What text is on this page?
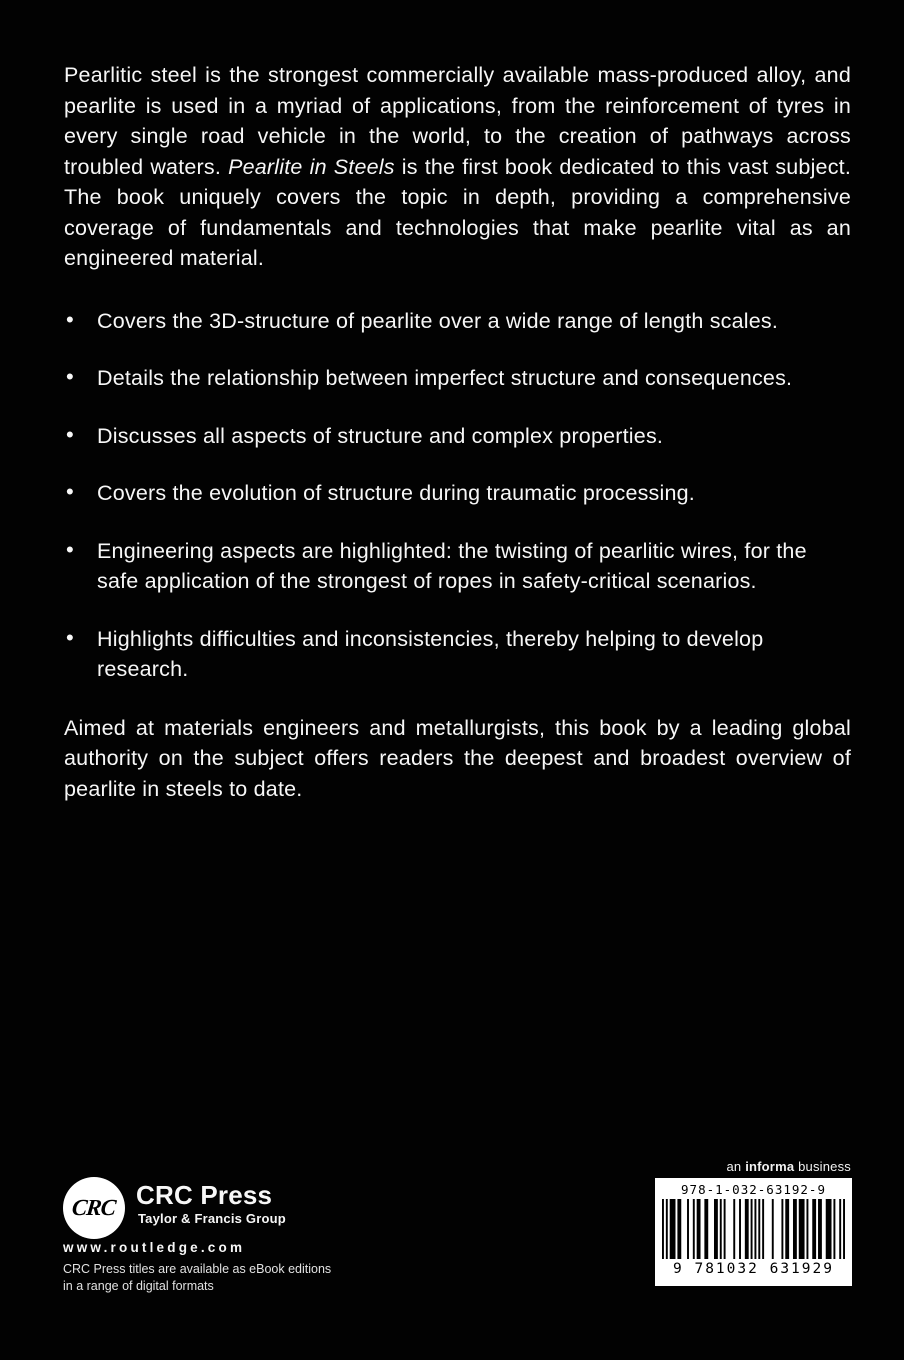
Pearlitic steel is the strongest commercially available mass-produced alloy, and pearlite is used in a myriad of applications, from the reinforcement of tyres in every single road vehicle in the world, to the creation of pathways across troubled waters. Pearlite in Steels is the first book dedicated to this vast subject. The book uniquely covers the topic in depth, providing a comprehensive coverage of fundamentals and technologies that make pearlite vital as an engineered material.

• Covers the 3D-structure of pearlite over a wide range of length scales.
• Details the relationship between imperfect structure and consequences.
• Discusses all aspects of structure and complex properties.
• Covers the evolution of structure during traumatic processing.
• Engineering aspects are highlighted: the twisting of pearlitic wires, for the safe application of the strongest of ropes in safety-critical scenarios.
• Highlights difficulties and inconsistencies, thereby helping to develop research.

Aimed at materials engineers and metallurgists, this book by a leading global authority on the subject offers readers the deepest and broadest overview of pearlite in steels to date.

an informa business
CRC CRC Press
Taylor & Francis Group
www.routledge.com
CRC Press titles are available as eBook editions
in a range of digital formats
978-1-032-63192-9
9 781032 631929
